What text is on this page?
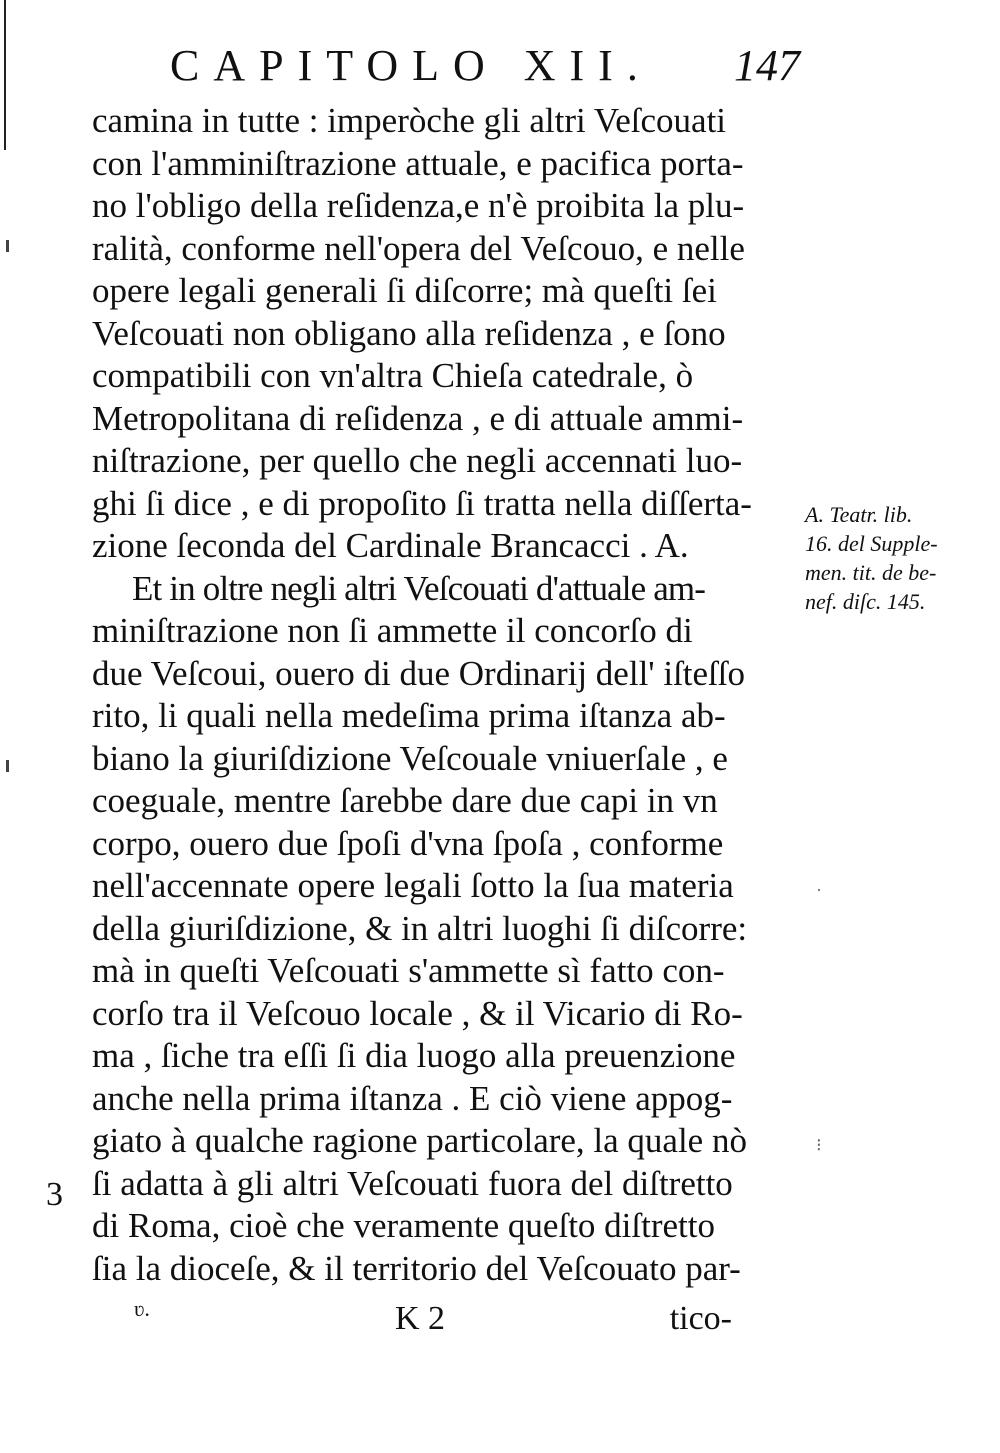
CAPITOLO XII. 147
camina in tutte : imperòche gli altri Veſcouati
con l'amminiſtrazione attuale, e pacifica porta-
no l'obligo della reſidenza,e n'è proibita la plu-
ralità, conforme nell'opera del Veſcouo, e nelle
opere legali generali ſi diſcorre; mà queſti ſei
Veſcouati non obligano alla reſidenza , e ſono
compatibili con vn'altra Chieſa catedrale, ò
Metropolitana di reſidenza , e di attuale ammi-
niſtrazione, per quello che negli accennati luo-
ghi ſi dice , e di propoſito ſi tratta nella diſſerta-
zione ſeconda del Cardinale Brancacci . A.
Et in oltre negli altri Veſcouati d'attuale am-
miniſtrazione non ſi ammette il concorſo di
due Veſcoui, ouero di due Ordinarij dell' iſteſſo
rito, li quali nella medeſima prima iſtanza ab-
biano la giuriſdizione Veſcouale vniuerſale , e
coeguale, mentre ſarebbe dare due capi in vn
corpo, ouero due ſpoſi d'vna ſpoſa , conforme
nell'accennate opere legali ſotto la ſua materia
della giuriſdizione, & in altri luoghi ſi diſcorre:
mà in queſti Veſcouati s'ammette sì fatto con-
corſo tra il Veſcouo locale , & il Vicario di Ro-
ma , ſiche tra eſſi ſi dia luogo alla preuenzione
anche nella prima iſtanza . E ciò viene appog-
giato à qualche ragione particolare, la quale nò
ſi adatta à gli altri Veſcouati fuora del diſtretto
di Roma, cioè che veramente queſto diſtretto
ſia la dioceſe, & il territorio del Veſcouato par-
A. Teatr. lib.
16. del Supple-
men. tit. de be-
nef. diſc. 145.
3
·
⁝
ʋ.	K 2	tico-
